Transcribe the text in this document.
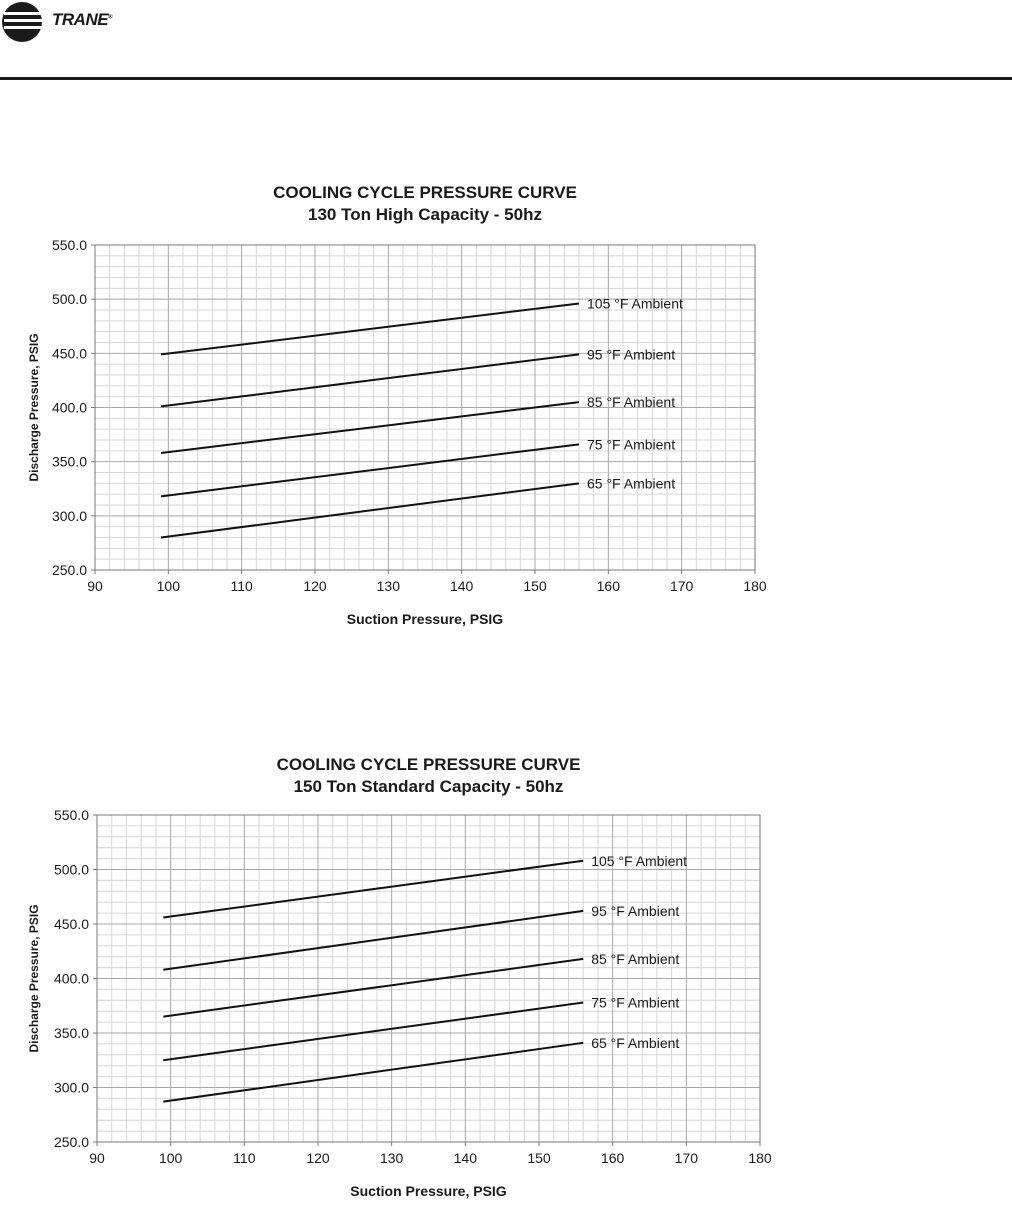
TRANE®
COOLING CYCLE PRESSURE CURVE
130 Ton High Capacity - 50hz
90	100	110	120	130	140	150	160	170	180
250.0
300.0
350.0
400.0
450.0
500.0
550.0
Suction Pressure, PSIG
Discharge Pressure, PSIG
105 °F Ambient
95 °F Ambient
85 °F Ambient
75 °F Ambient
65 °F Ambient
COOLING CYCLE PRESSURE CURVE
150 Ton Standard Capacity - 50hz
90	100	110	120	130	140	150	160	170	180
250.0
300.0
350.0
400.0
450.0
500.0
550.0
Suction Pressure, PSIG
Discharge Pressure, PSIG
105 °F Ambient
95 °F Ambient
85 °F Ambient
75 °F Ambient
65 °F Ambient
